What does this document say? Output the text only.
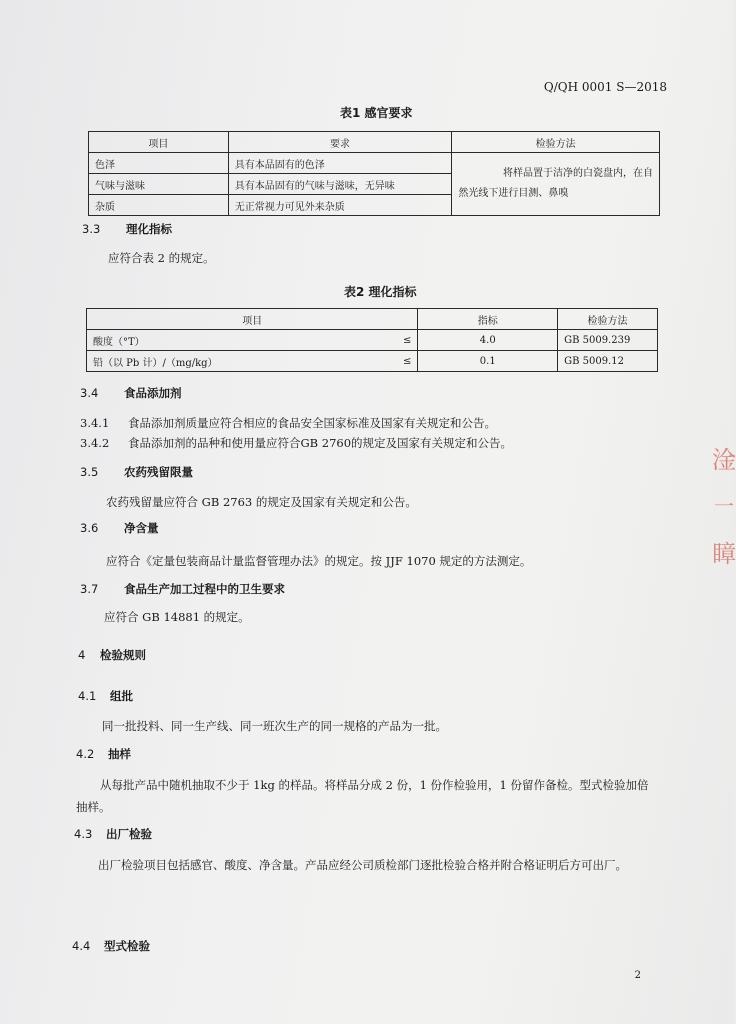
Q/QH 0001 S—2018
表1 感官要求
项目	要求	检验方法
色泽	具有本品固有的色泽	将样品置于洁净的白瓷盘内，在自
然光线下进行目测、鼻嗅

气味与滋味	具有本品固有的气味与滋味，无异味	
杂质	无正常视力可见外来杂质	
3.3 理化指标
应符合表 2 的规定。
表2 理化指标
项目		指标	检验方法
酸度（°T）	≤	4.0	GB 5009.239
铅（以 Pb 计）/（mg/kg）	≤	0.1	GB 5009.12
3.4 食品添加剂
3.4.1 食品添加剂质量应符合相应的食品安全国家标准及国家有关规定和公告。
3.4.2 食品添加剂的品种和使用量应符合GB 2760的规定及国家有关规定和公告。
3.5 农药残留限量
农药残留量应符合 GB 2763 的规定及国家有关规定和公告。
3.6 净含量
应符合《定量包装商品计量监督管理办法》的规定。按 JJF 1070 规定的方法测定。
3.7 食品生产加工过程中的卫生要求
应符合 GB 14881 的规定。
4 检验规则
4.1 组批
同一批投料、同一生产线、同一班次生产的同一规格的产品为一批。
4.2 抽样
从每批产品中随机抽取不少于 1kg 的样品。将样品分成 2 份，1 份作检验用，1 份留作备检。型式检验加倍抽样。
4.3 出厂检验
出厂检验项目包括感官、酸度、净含量。产品应经公司质检部门逐批检验合格并附合格证明后方可出厂。
4.4 型式检验
2
淦
一
瞕
